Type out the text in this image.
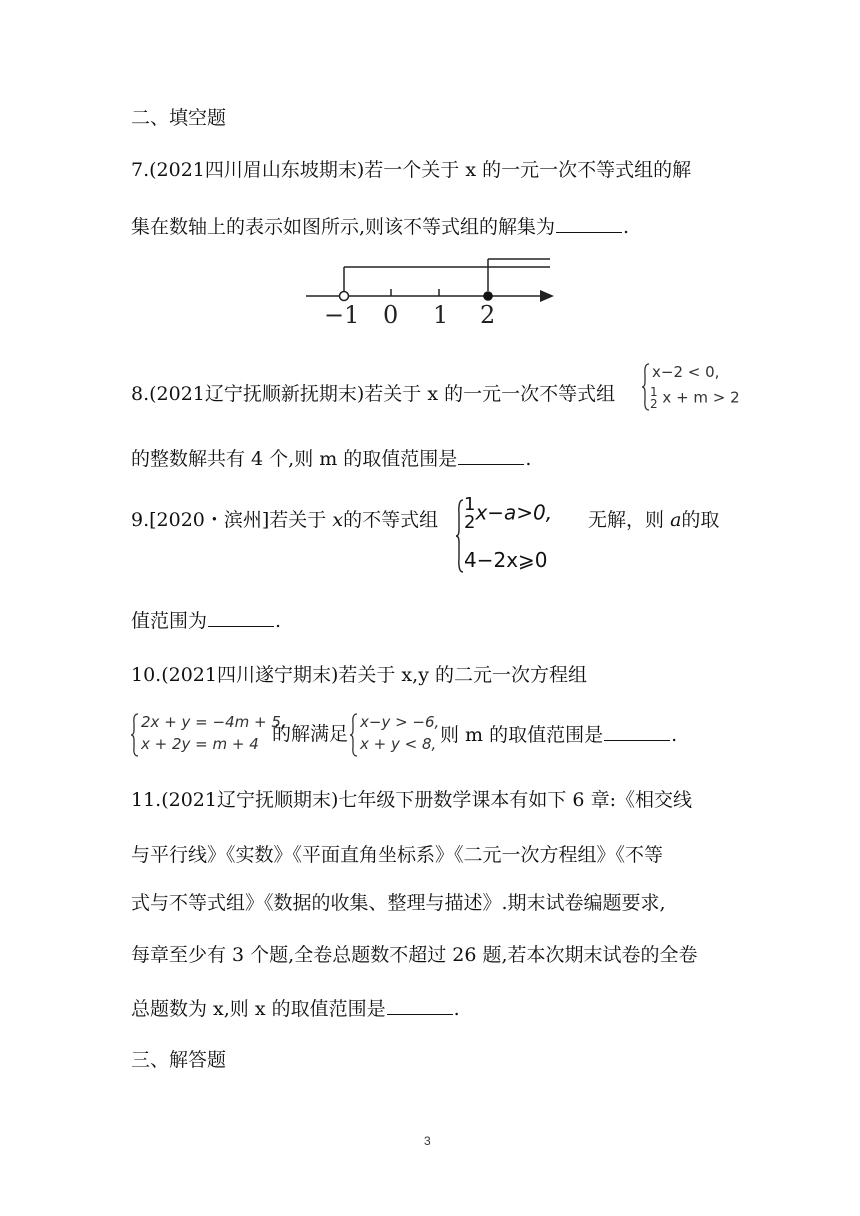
二、填空题
7.(2021四川眉山东坡期末)若一个关于 x 的一元一次不等式组的解
集在数轴上的表示如图所示,则该不等式组的解集为	.
−1 0 1 2
8.(2021辽宁抚顺新抚期末)若关于 x 的一元一次不等式组
x−2 < 0,
1
2 x + m > 2
的整数解共有 4 个,则 m 的取值范围是	.
9.[2020・滨州]若关于 x的不等式组
1
2 x−a>0,
4−2x⩾0
无解，则 a的取
值范围为	.
10.(2021四川遂宁期末)若关于 x,y 的二元一次方程组
2x + y = −4m + 5,
x + 2y = m + 4 的解满足
x−y > −6,
x + y < 8, 则 m 的取值范围是	.
11.(2021辽宁抚顺期末)七年级下册数学课本有如下 6 章:《相交线
与平行线》《实数》《平面直角坐标系》《二元一次方程组》《不等
式与不等式组》《数据的收集、整理与描述》.期末试卷编题要求,
每章至少有 3 个题,全卷总题数不超过 26 题,若本次期末试卷的全卷
总题数为 x,则 x 的取值范围是	.
三、解答题
3
